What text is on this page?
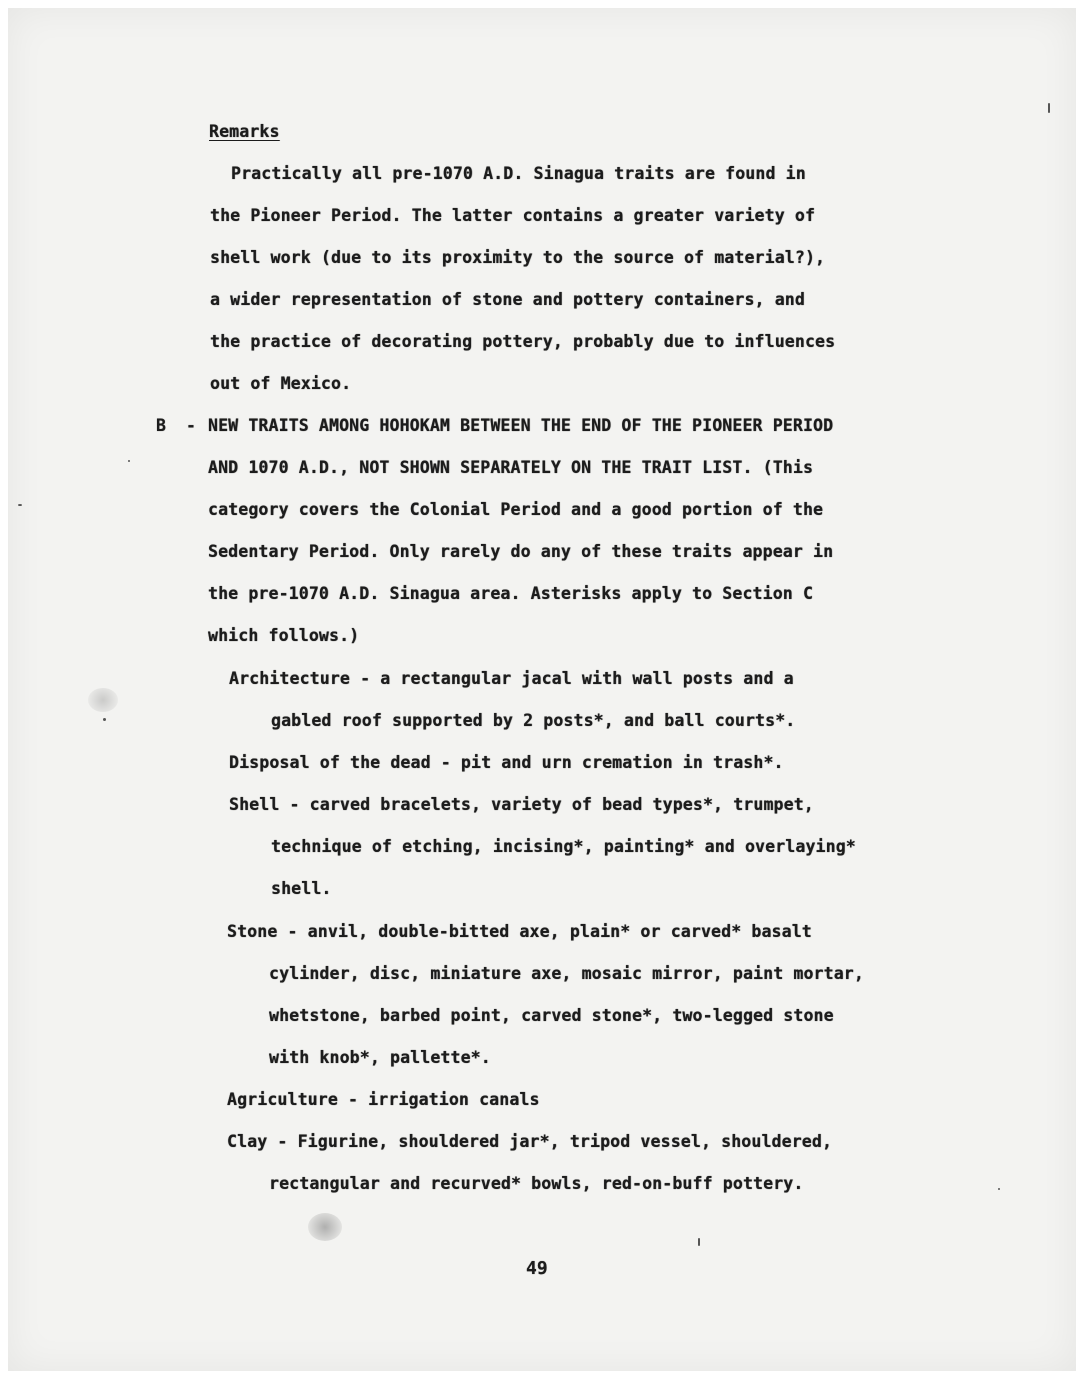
Remarks
Practically all pre-1070 A.D. Sinagua traits are found in
the Pioneer Period. The latter contains a greater variety of
shell work (due to its proximity to the source of material?),
a wider representation of stone and pottery containers, and
the practice of decorating pottery, probably due to influences
out of Mexico.
B - NEW TRAITS AMONG HOHOKAM BETWEEN THE END OF THE PIONEER PERIOD
AND 1070 A.D., NOT SHOWN SEPARATELY ON THE TRAIT LIST. (This
category covers the Colonial Period and a good portion of the
Sedentary Period. Only rarely do any of these traits appear in
the pre-1070 A.D. Sinagua area. Asterisks apply to Section C
which follows.)
Architecture - a rectangular jacal with wall posts and a
gabled roof supported by 2 posts*, and ball courts*.
Disposal of the dead - pit and urn cremation in trash*.
Shell - carved bracelets, variety of bead types*, trumpet,
technique of etching, incising*, painting* and overlaying*
shell.
Stone - anvil, double-bitted axe, plain* or carved* basalt
cylinder, disc, miniature axe, mosaic mirror, paint mortar,
whetstone, barbed point, carved stone*, two-legged stone
with knob*, pallette*.
Agriculture - irrigation canals
Clay - Figurine, shouldered jar*, tripod vessel, shouldered,
rectangular and recurved* bowls, red-on-buff pottery.
49
